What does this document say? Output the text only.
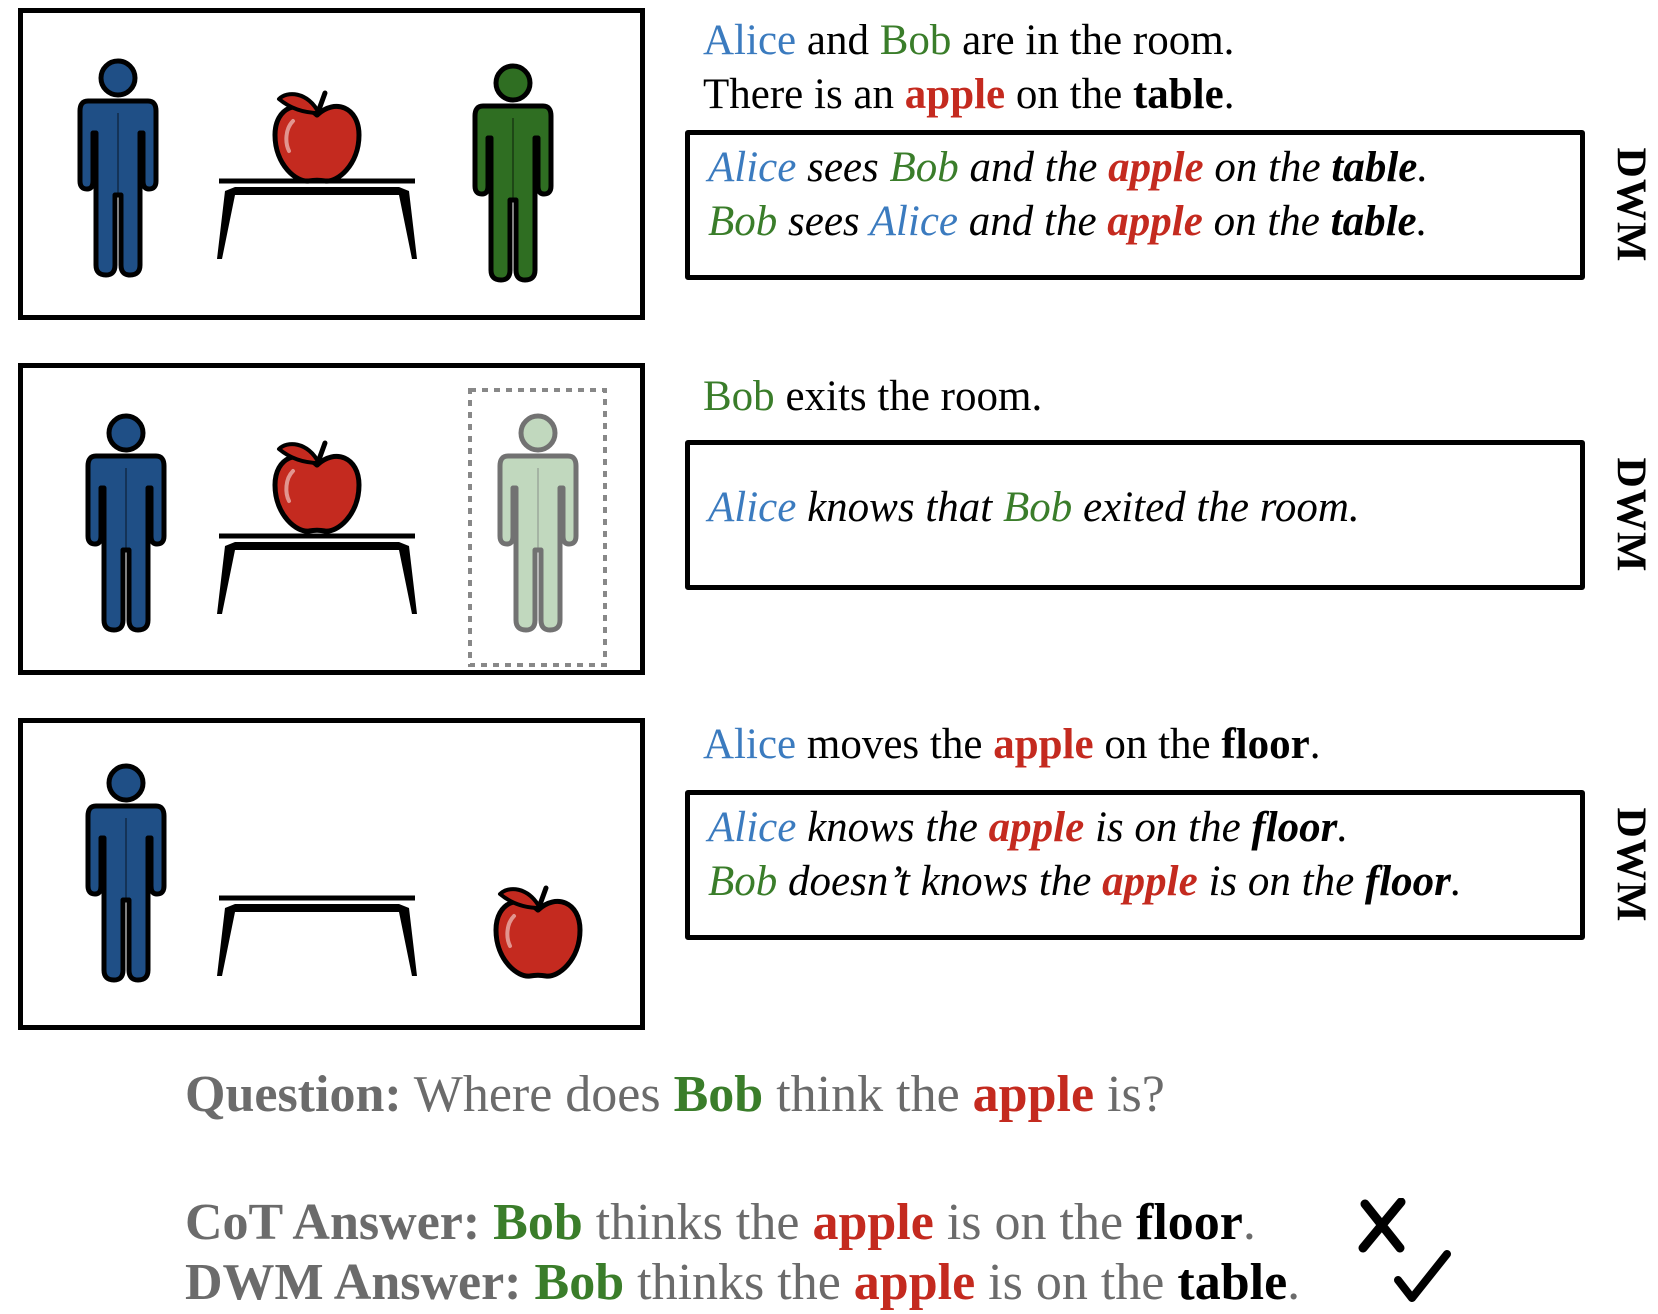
Alice and Bob are in the room.
There is an apple on the table.
Alice sees Bob and the apple on the table.
Bob sees Alice and the apple on the table.	DWM
Bob exits the room.
Alice knows that Bob exited the room.	DWM
Alice moves the apple on the floor.
Alice knows the apple is on the floor.
Bob doesn’t knows the apple is on the floor.	DWM
Question: Where does Bob think the apple is?
CoT Answer: Bob thinks the apple is on the floor.
DWM Answer: Bob thinks the apple is on the table.
